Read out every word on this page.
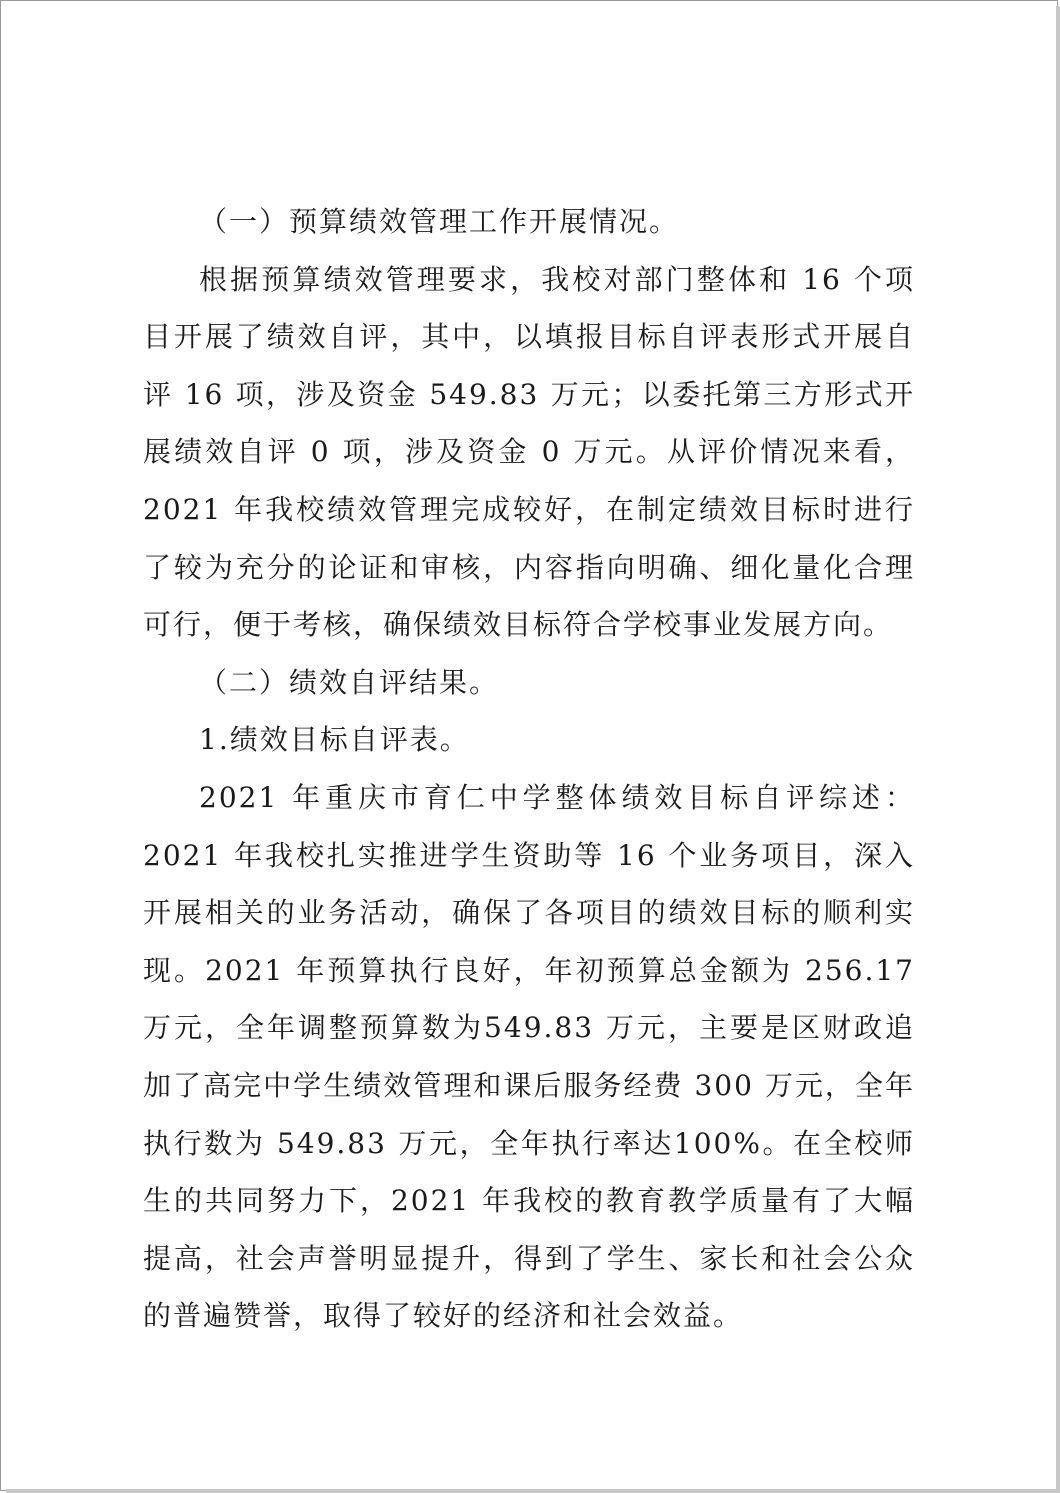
（一）预算绩效管理工作开展情况。

根据预算绩效管理要求，我校对部门整体和 16 个项目开展了绩效自评，其中，以填报目标自评表形式开展自评 16 项，涉及资金 549.83 万元；以委托第三方形式开展绩效自评 0 项，涉及资金 0 万元。从评价情况来看，2021 年我校绩效管理完成较好，在制定绩效目标时进行了较为充分的论证和审核，内容指向明确、细化量化合理可行，便于考核，确保绩效目标符合学校事业发展方向。

（二）绩效自评结果。

1.绩效目标自评表。

2021 年重庆市育仁中学整体绩效目标自评综述：2021 年我校扎实推进学生资助等 16 个业务项目，深入开展相关的业务活动，确保了各项目的绩效目标的顺利实现。2021 年预算执行良好，年初预算总金额为 256.17 万元，全年调整预算数为549.83 万元，主要是区财政追加了高完中学生绩效管理和课后服务经费 300 万元，全年执行数为 549.83 万元，全年执行率达100%。在全校师生的共同努力下，2021 年我校的教育教学质量有了大幅提高，社会声誉明显提升，得到了学生、家长和社会公众的普遍赞誉，取得了较好的经济和社会效益。
